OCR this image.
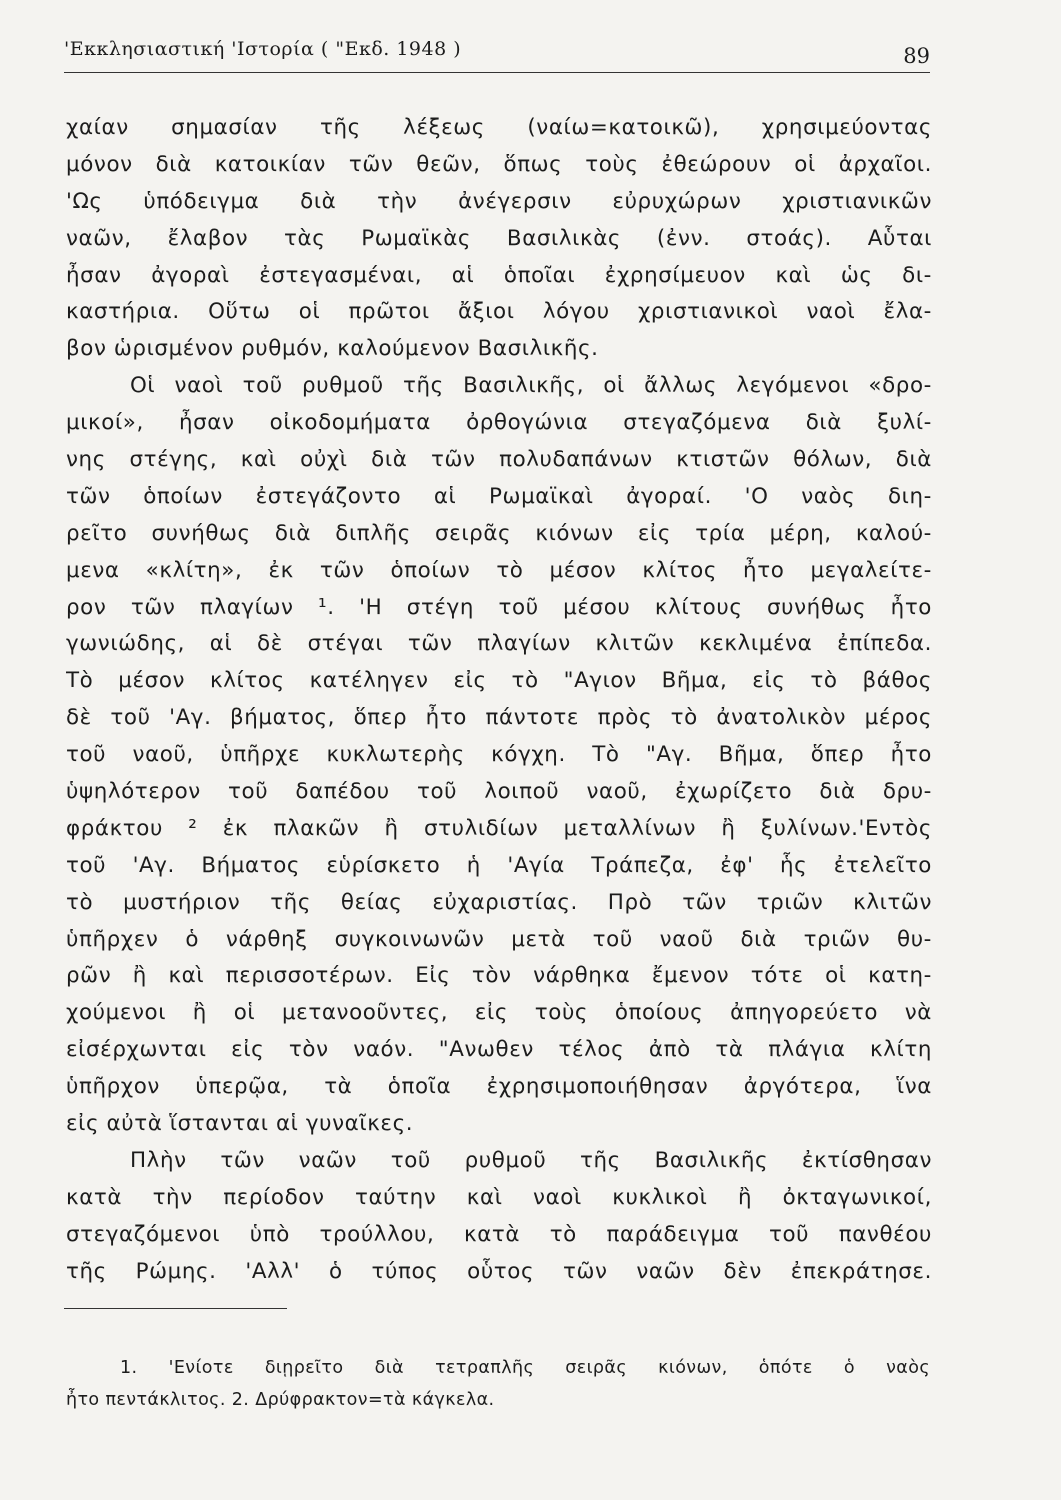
'Εκκλησιαστική 'Ιστορία ( "Εκδ. 1948 )	89
χαίαν σημασίαν τῆς λέξεως (ναίω=κατοικῶ), χρησιμεύοντας
μόνον διὰ κατοικίαν τῶν θεῶν, ὅπως τοὺς ἐθεώρουν οἱ ἀρχαῖοι.
'Ως ὑπόδειγμα διὰ τὴν ἀνέγερσιν εὐρυχώρων χριστιανικῶν
ναῶν, ἔλαβον τὰς Ρωμαϊκὰς Βασιλικὰς (ἐνν. στοάς). Αὗται
ἦσαν ἀγοραὶ ἐστεγασμέναι, αἱ ὁποῖαι ἐχρησίμευον καὶ ὡς δι-
καστήρια. Οὕτω οἱ πρῶτοι ἄξιοι λόγου χριστιανικοὶ ναοὶ ἔλα-
βον ὡρισμένον ρυθμόν, καλούμενον Βασιλικῆς.
Οἱ ναοὶ τοῦ ρυθμοῦ τῆς Βασιλικῆς, οἱ ἄλλως λεγόμενοι «δρο-
μικοί», ἦσαν οἰκοδομήματα ὀρθογώνια στεγαζόμενα διὰ ξυλί-
νης στέγης, καὶ οὐχὶ διὰ τῶν πολυδαπάνων κτιστῶν θόλων, διὰ
τῶν ὁποίων ἐστεγάζοντο αἱ Ρωμαϊκαὶ ἀγοραί. 'Ο ναὸς διη-
ρεῖτο συνήθως διὰ διπλῆς σειρᾶς κιόνων εἰς τρία μέρη, καλού-
μενα «κλίτη», ἐκ τῶν ὁποίων τὸ μέσον κλίτος ἦτο μεγαλείτε-
ρον τῶν πλαγίων ¹. 'Η στέγη τοῦ μέσου κλίτους συνήθως ἦτο
γωνιώδης, αἱ δὲ στέγαι τῶν πλαγίων κλιτῶν κεκλιμένα ἐπίπεδα.
Τὸ μέσον κλίτος κατέληγεν εἰς τὸ "Αγιον Βῆμα, εἰς τὸ βάθος
δὲ τοῦ 'Αγ. βήματος, ὅπερ ἦτο πάντοτε πρὸς τὸ ἀνατολικὸν μέρος
τοῦ ναοῦ, ὑπῆρχε κυκλωτερὴς κόγχη. Τὸ "Αγ. Βῆμα, ὅπερ ἦτο
ὑψηλότερον τοῦ δαπέδου τοῦ λοιποῦ ναοῦ, ἐχωρίζετο διὰ δρυ-
φράκτου ² ἐκ πλακῶν ἢ στυλιδίων μεταλλίνων ἢ ξυλίνων.'Εντὸς
τοῦ 'Αγ. Βήματος εὑρίσκετο ἡ 'Αγία Τράπεζα, ἐφ' ἧς ἐτελεῖτο
τὸ μυστήριον τῆς θείας εὐχαριστίας. Πρὸ τῶν τριῶν κλιτῶν
ὑπῆρχεν ὁ νάρθηξ συγκοινωνῶν μετὰ τοῦ ναοῦ διὰ τριῶν θυ-
ρῶν ἢ καὶ περισσοτέρων. Εἰς τὸν νάρθηκα ἔμενον τότε οἱ κατη-
χούμενοι ἢ οἱ μετανοοῦντες, εἰς τοὺς ὁποίους ἀπηγορεύετο νὰ
εἰσέρχωνται εἰς τὸν ναόν. "Ανωθεν τέλος ἀπὸ τὰ πλάγια κλίτη
ὑπῆρχον ὑπερῷα, τὰ ὁποῖα ἐχρησιμοποιήθησαν ἀργότερα, ἵνα
εἰς αὐτὰ ἵστανται αἱ γυναῖκες.
Πλὴν τῶν ναῶν τοῦ ρυθμοῦ τῆς Βασιλικῆς ἐκτίσθησαν
κατὰ τὴν περίοδον ταύτην καὶ ναοὶ κυκλικοὶ ἢ ὀκταγωνικοί,
στεγαζόμενοι ὑπὸ τρούλλου, κατὰ τὸ παράδειγμα τοῦ πανθέου
τῆς Ρώμης. 'Αλλ' ὁ τύπος οὗτος τῶν ναῶν δὲν ἐπεκράτησε.
1. 'Ενίοτε διῃρεῖτο διὰ τετραπλῆς σειρᾶς κιόνων, ὁπότε ὁ ναὸς
ἦτο πεντάκλιτος. 2. Δρύφρακτον=τὰ κάγκελα.
